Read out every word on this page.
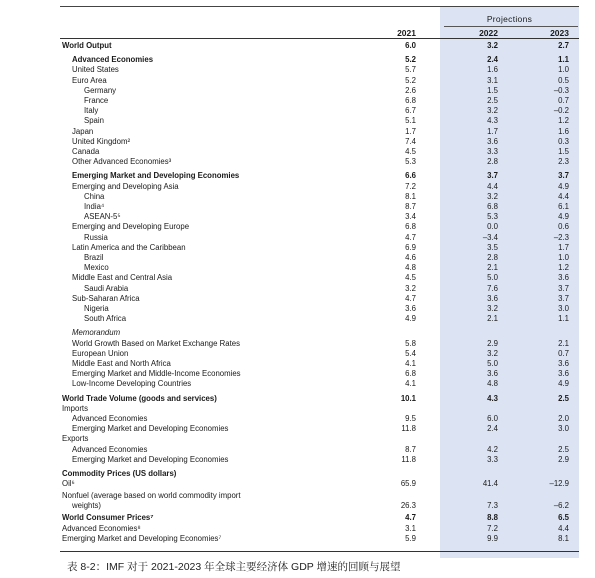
Projections
2021	2022	2023
World Output	6.0	3.2	2.7
Advanced Economies	5.2	2.4	1.1
United States	5.7	1.6	1.0
Euro Area	5.2	3.1	0.5
Germany	2.6	1.5	–0.3
France	6.8	2.5	0.7
Italy	6.7	3.2	–0.2
Spain	5.1	4.3	1.2
Japan	1.7	1.7	1.6
United Kingdom²	7.4	3.6	0.3
Canada	4.5	3.3	1.5
Other Advanced Economies³	5.3	2.8	2.3
Emerging Market and Developing Economies	6.6	3.7	3.7
Emerging and Developing Asia	7.2	4.4	4.9
China	8.1	3.2	4.4
India⁴	8.7	6.8	6.1
ASEAN-5⁵	3.4	5.3	4.9
Emerging and Developing Europe	6.8	0.0	0.6
Russia	4.7	–3.4	–2.3
Latin America and the Caribbean	6.9	3.5	1.7
Brazil	4.6	2.8	1.0
Mexico	4.8	2.1	1.2
Middle East and Central Asia	4.5	5.0	3.6
Saudi Arabia	3.2	7.6	3.7
Sub-Saharan Africa	4.7	3.6	3.7
Nigeria	3.6	3.2	3.0
South Africa	4.9	2.1	1.1
Memorandum
World Growth Based on Market Exchange Rates	5.8	2.9	2.1
European Union	5.4	3.2	0.7
Middle East and North Africa	4.1	5.0	3.6
Emerging Market and Middle-Income Economies	6.8	3.6	3.6
Low-Income Developing Countries	4.1	4.8	4.9
World Trade Volume (goods and services)	10.1	4.3	2.5
Imports
Advanced Economies	9.5	6.0	2.0
Emerging Market and Developing Economies	11.8	2.4	3.0
Exports
Advanced Economies	8.7	4.2	2.5
Emerging Market and Developing Economies	11.8	3.3	2.9
Commodity Prices (US dollars)
Oil⁶	65.9	41.4	–12.9
Nonfuel (average based on world commodity import
weights)	26.3	7.3	–6.2
World Consumer Prices⁷	4.7	8.8	6.5
Advanced Economies⁸	3.1	7.2	4.4
Emerging Market and Developing Economies⁷	5.9	9.9	8.1
表 8-2：IMF 对于 2021-2023 年全球主要经济体 GDP 增速的回顾与展望
